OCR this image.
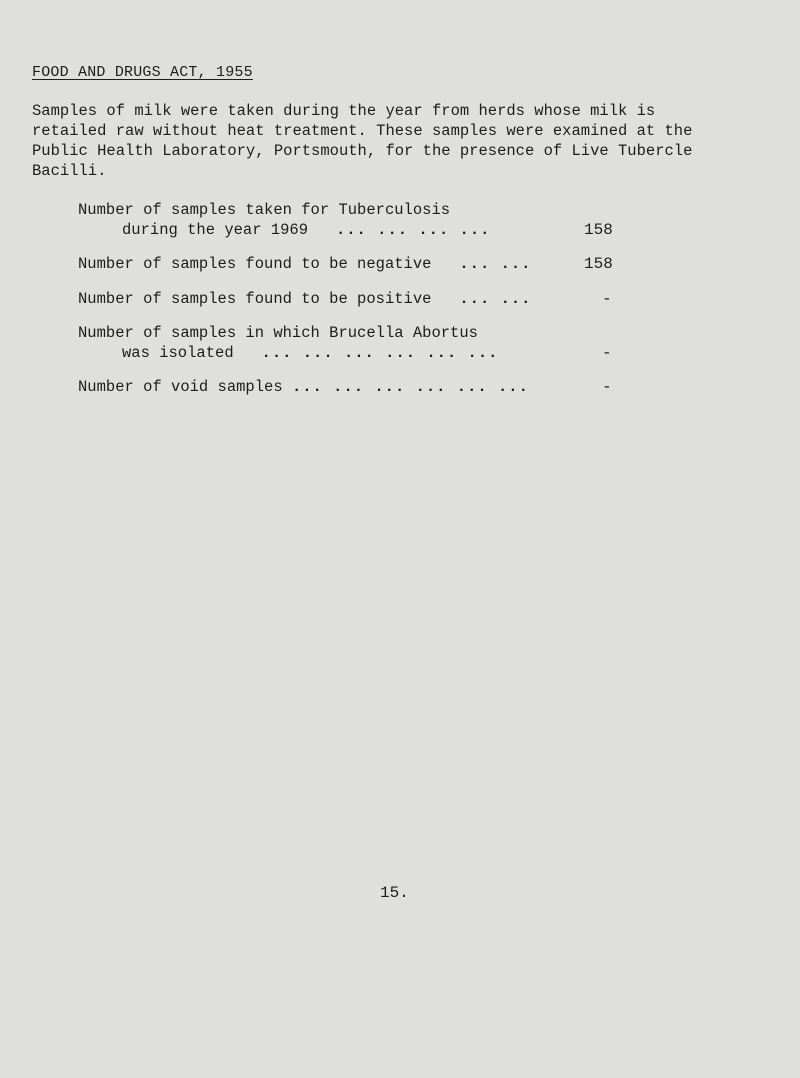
FOOD AND DRUGS ACT, 1955

Samples of milk were taken during the year from herds whose milk is
retailed raw without heat treatment. These samples were examined at the
Public Health Laboratory, Portsmouth, for the presence of Live Tubercle
Bacilli.

Number of samples taken for Tuberculosis
during the year 1969 ... ... ... ...	158
Number of samples found to be negative ... ...	158
Number of samples found to be positive ... ...	-
Number of samples in which Brucella Abortus
was isolated ... ... ... ... ... ...	-
Number of void samples ... ... ... ... ... ...	-
15.
